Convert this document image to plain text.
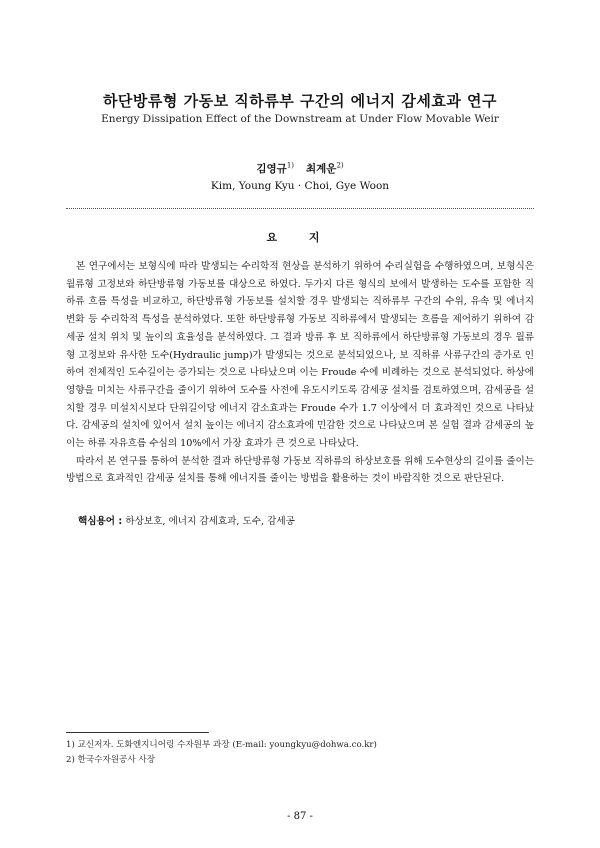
하단방류형 가동보 직하류부 구간의 에너지 감세효과 연구
Energy Dissipation Effect of the Downstream at Under Flow Movable Weir
김영규$^{1)}$ 최계운$^{2)}$
Kim, Young Kyu · Choi, Gye Woon
요 지

본 연구에서는 보형식에 따라 발생되는 수리학적 현상을 분석하기 위하여 수리실험을 수행하였으며, 보형식은 월류형 고정보와 하단방류형 가동보를 대상으로 하였다. 두가지 다른 형식의 보에서 발생하는 도수를 포함한 직하류 흐름 특성을 비교하고, 하단방류형 가동보를 설치할 경우 발생되는 직하류부 구간의 수위, 유속 및 에너지 변화 등 수리학적 특성을 분석하였다. 또한 하단방류형 가동보 직하류에서 발생되는 흐름을 제어하기 위하여 감세공 설치 위치 및 높이의 효율성을 분석하였다. 그 결과 방류 후 보 직하류에서 하단방류형 가동보의 경우 월류형 고정보와 유사한 도수(Hydraulic jump)가 발생되는 것으로 분석되었으나, 보 직하류 사류구간의 증가로 인하여 전체적인 도수길이는 증가되는 것으로 나타났으며 이는 Froude 수에 비례하는 것으로 분석되었다. 하상에 영향을 미치는 사류구간을 줄이기 위하여 도수를 사전에 유도시키도록 감세공 설치를 검토하였으며, 감세공을 설치할 경우 미설치시보다 단위길이당 에너지 감소효과는 Froude 수가 1.7 이상에서 더 효과적인 것으로 나타났다. 감세공의 설치에 있어서 설치 높이는 에너지 감소효과에 민감한 것으로 나타났으며 본 실험 결과 감세공의 높이는 하류 자유흐름 수심의 10%에서 가장 효과가 큰 것으로 나타났다.

따라서 본 연구를 통하여 분석한 결과 하단방류형 가동보 직하류의 하상보호를 위해 도수현상의 길이를 줄이는 방법으로 효과적인 감세공 설치를 통해 에너지를 줄이는 방법을 활용하는 것이 바람직한 것으로 판단된다.

핵심용어 : 하상보호, 에너지 감세효과, 도수, 감세공
1) 교신저자. 도화엔지니어링 수자원부 과장 (E-mail: youngkyu@dohwa.co.kr)
2) 한국수자원공사 사장
- 87 -
